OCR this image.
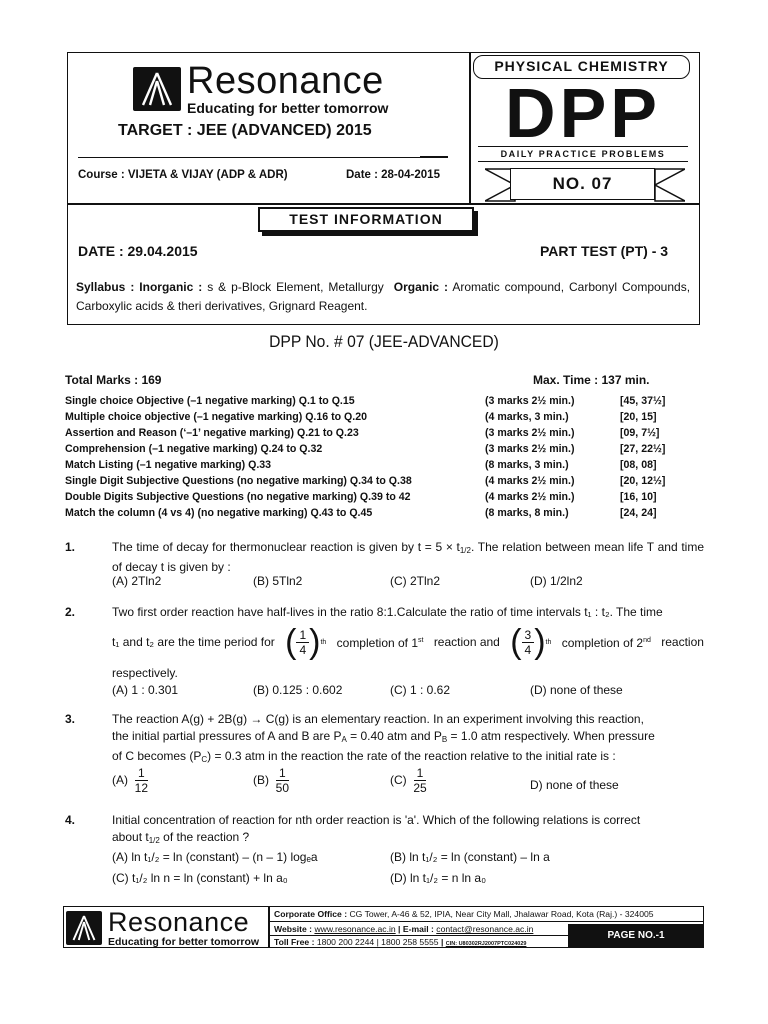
Resonance
Educating for better tomorrow
TARGET : JEE (ADVANCED) 2015
Course : VIJETA & VIJAY (ADP & ADR)	Date : 28-04-2015
PHYSICAL CHEMISTRY
DPP
DAILY PRACTICE PROBLEMS
NO. 07
TEST INFORMATION
DATE : 29.04.2015	PART TEST (PT) - 3
Syllabus : Inorganic : s & p-Block Element, Metallurgy Organic : Aromatic compound, Carbonyl Compounds, Carboxylic acids & theri derivatives, Grignard Reagent.
DPP No. # 07 (JEE-ADVANCED)
Total Marks : 169	Max. Time : 137 min.
Single choice Objective (–1 negative marking) Q.1 to Q.15	(3 marks 2½ min.)	[45, 37½]
Multiple choice objective (–1 negative marking) Q.16 to Q.20	(4 marks, 3 min.)	[20, 15]
Assertion and Reason (‘–1’ negative marking) Q.21 to Q.23	(3 marks 2½ min.)	[09, 7½]
Comprehension (–1 negative marking) Q.24 to Q.32	(3 marks 2½ min.)	[27, 22½]
Match Listing (–1 negative marking) Q.33	(8 marks, 3 min.)	[08, 08]
Single Digit Subjective Questions (no negative marking) Q.34 to Q.38	(4 marks 2½ min.)	[20, 12½]
Double Digits Subjective Questions (no negative marking) Q.39 to 42	(4 marks 2½ min.)	[16, 10]
Match the column (4 vs 4) (no negative marking) Q.43 to Q.45	(8 marks, 8 min.)	[24, 24]
1.	The time of decay for thermonuclear reaction is given by $t = 5 \times t_{1/2}$. The relation between mean life T and time of decay t is given by :
(A) 2Tln2	(B) 5Tln2	(C) 2Tln2	(D) 1/2ln2
2.	Two first order reaction have half-lives in the ratio 8:1.Calculate the ratio of time intervals t₁ : t₂. The time
t₁ and t₂ are the time period for ( $\frac{1}{4}$ ) th completion of 1st reaction and ( $\frac{3}{4}$ ) th completion of 2nd reaction
respectively.
(A) 1 : 0.301	(B) 0.125 : 0.602	(C) 1 : 0.62	(D) none of these
3.	The reaction A(g) + 2B(g) → C(g) is an elementary reaction. In an experiment involving this reaction,
the initial partial pressures of A and B are $P_A = 0.40$ atm and $P_B = 1.0$ atm respectively. When pressure
of C becomes $(P_C) = 0.3$ atm in the reaction the rate of the reaction relative to the initial rate is :
(A)
$\frac{1}{12}$	(B)
$\frac{1}{50}$	(C)
$\frac{1}{25}$	D) none of these
4.	Initial concentration of reaction for nth order reaction is 'a'. Which of the following relations is correct
about $t_{1/2}$ of the reaction ?
(A) ln t₁/₂ = ln (constant) – (n – 1) logₑa	(B) ln t₁/₂ = ln (constant) – ln a
(C) t₁/₂ ln n = ln (constant) + ln a₀	(D) ln t₁/₂ = n ln a₀
Resonance
Educating for better tomorrow
Corporate Office : CG Tower, A-46 & 52, IPIA, Near City Mall, Jhalawar Road, Kota (Raj.) - 324005
Website : www.resonance.ac.in | E-mail : contact@resonance.ac.in
Toll Free : 1800 200 2244 | 1800 258 5555 | CIN: U80302RJ2007PTC024029
PAGE NO.-1
